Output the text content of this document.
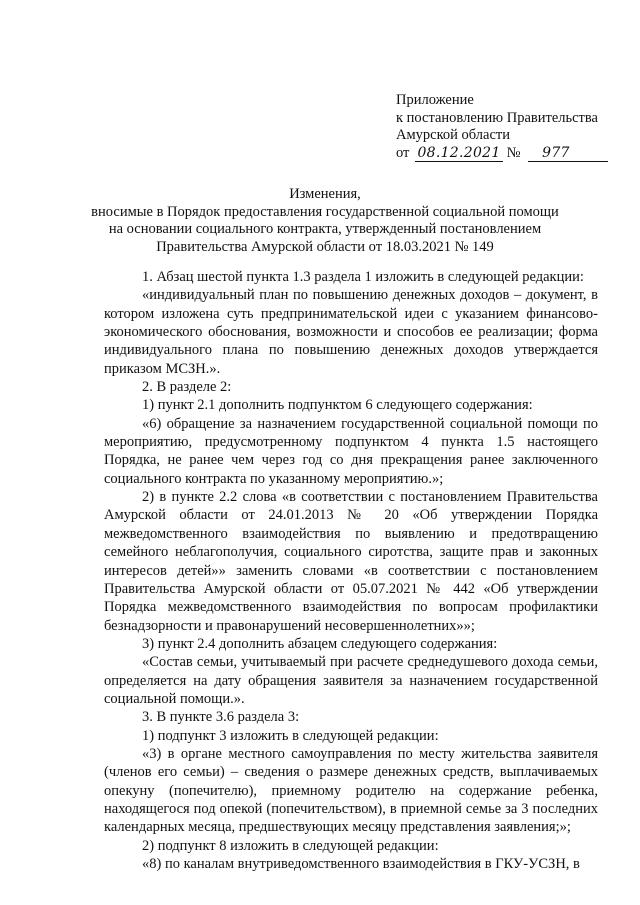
Приложение
к постановлению Правительства
Амурской области
от 08.12.2021 № 977
Изменения,
вносимые в Порядок предоставления государственной социальной помощи
на основании социального контракта, утвержденный постановлением
Правительства Амурской области от 18.03.2021 № 149

1. Абзац шестой пункта 1.3 раздела 1 изложить в следующей редакции:

«индивидуальный план по повышению денежных доходов – документ, в котором изложена суть предпринимательской идеи с указанием финансово-экономического обоснования, возможности и способов ее реализации; форма индивидуального плана по повышению денежных доходов утверждается приказом МСЗН.».

2. В разделе 2:

1) пункт 2.1 дополнить подпунктом 6 следующего содержания:

«6) обращение за назначением государственной социальной помощи по мероприятию, предусмотренному подпунктом 4 пункта 1.5 настоящего Порядка, не ранее чем через год со дня прекращения ранее заключенного социального контракта по указанному мероприятию.»;

2) в пункте 2.2 слова «в соответствии с постановлением Правительства Амурской области от 24.01.2013 № 20 «Об утверждении Порядка межведомственного взаимодействия по выявлению и предотвращению семейного неблагополучия, социального сиротства, защите прав и законных интересов детей»» заменить словами «в соответствии с постановлением Правительства Амурской области от 05.07.2021 № 442 «Об утверждении Порядка межведомственного взаимодействия по вопросам профилактики безнадзорности и правонарушений несовершеннолетних»»;

3) пункт 2.4 дополнить абзацем следующего содержания:

«Состав семьи, учитываемый при расчете среднедушевого дохода семьи, определяется на дату обращения заявителя за назначением государственной социальной помощи.».

3. В пункте 3.6 раздела 3:

1) подпункт 3 изложить в следующей редакции:

«3) в органе местного самоуправления по месту жительства заявителя (членов его семьи) – сведения о размере денежных средств, выплачиваемых опекуну (попечителю), приемному родителю на содержание ребенка, находящегося под опекой (попечительством), в приемной семье за 3 последних календарных месяца, предшествующих месяцу представления заявления;»;

2) подпункт 8 изложить в следующей редакции:

«8) по каналам внутриведомственного взаимодействия в ГКУ-УСЗН, в
